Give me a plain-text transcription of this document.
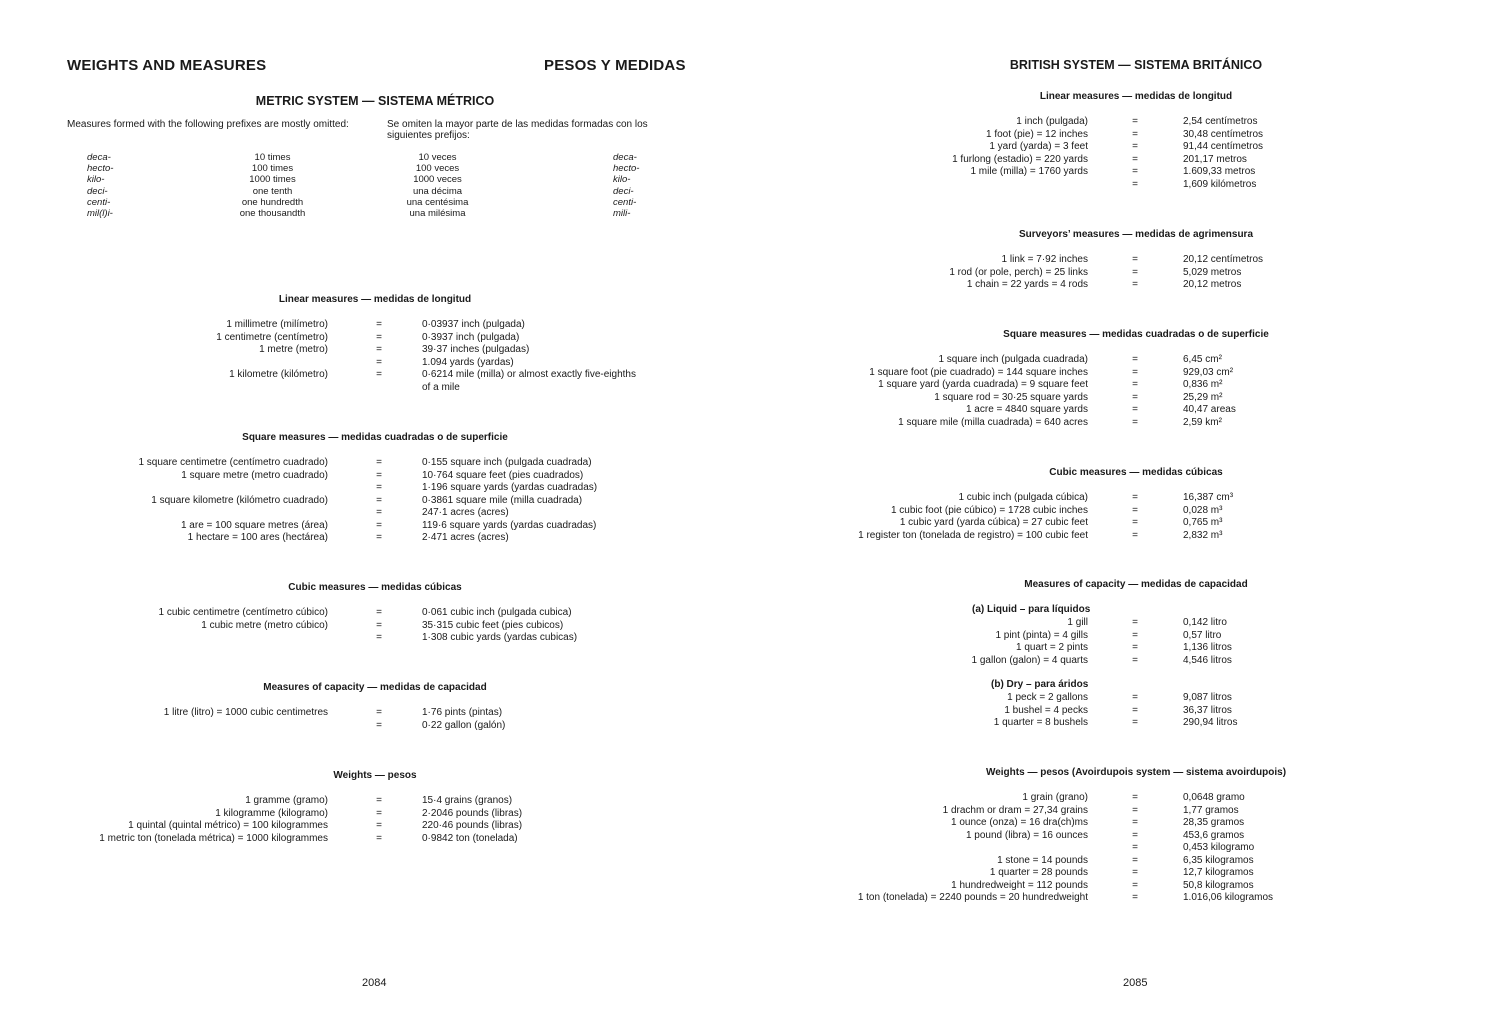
WEIGHTS AND MEASURES	PESOS Y MEDIDAS
METRIC SYSTEM — SISTEMA MÉTRICO
Measures formed with the following prefixes are mostly omitted:	Se omiten la mayor parte de las medidas formadas con los
siguientes prefijos:
deca-	10 times	10 veces	deca-
hecto-	100 times	100 veces	hecto-
kilo-	1000 times	1000 veces	kilo-
deci-	one tenth	una décima	deci-
centi-	one hundredth	una centésima	centi-
mil(l)i-	one thousandth	una milésima	mili-
Linear measures — medidas de longitud
1 millimetre (milímetro)	=	0·03937 inch (pulgada)
1 centimetre (centímetro)	=	0·3937 inch (pulgada)
1 metre (metro)	=	39·37 inches (pulgadas)
=	1.094 yards (yardas)
1 kilometre (kilómetro)	=	0·6214 mile (milla) or almost exactly five-eighths
of a mile
Square measures — medidas cuadradas o de superficie
1 square centimetre (centímetro cuadrado)	=	0·155 square inch (pulgada cuadrada)
1 square metre (metro cuadrado)	=	10·764 square feet (pies cuadrados)
=	1·196 square yards (yardas cuadradas)
1 square kilometre (kilómetro cuadrado)	=	0·3861 square mile (milla cuadrada)
=	247·1 acres (acres)
1 are = 100 square metres (área)	=	119·6 square yards (yardas cuadradas)
1 hectare = 100 ares (hectárea)	=	2·471 acres (acres)
Cubic measures — medidas cúbicas
1 cubic centimetre (centímetro cúbico)	=	0·061 cubic inch (pulgada cubica)
1 cubic metre (metro cúbico)	=	35·315 cubic feet (pies cubicos)
=	1·308 cubic yards (yardas cubicas)
Measures of capacity — medidas de capacidad
1 litre (litro) = 1000 cubic centimetres	=	1·76 pints (pintas)
=	0·22 gallon (galón)
Weights — pesos
1 gramme (gramo)	=	15·4 grains (granos)
1 kilogramme (kilogramo)	=	2·2046 pounds (libras)
1 quintal (quintal métrico) = 100 kilogrammes	=	220·46 pounds (libras)
1 metric ton (tonelada métrica) = 1000 kilogrammes	=	0·9842 ton (tonelada)
2084
BRITISH SYSTEM — SISTEMA BRITÁNICO
Linear measures — medidas de longitud
1 inch (pulgada)	=	2,54 centímetros
1 foot (pie) = 12 inches	=	30,48 centímetros
1 yard (yarda) = 3 feet	=	91,44 centímetros
1 furlong (estadio) = 220 yards	=	201,17 metros
1 mile (milla) = 1760 yards	=	1.609,33 metros
=	1,609 kilómetros
Surveyors’ measures — medidas de agrimensura
1 link = 7·92 inches	=	20,12 centímetros
1 rod (or pole, perch) = 25 links	=	5,029 metros
1 chain = 22 yards = 4 rods	=	20,12 metros
Square measures — medidas cuadradas o de superficie
1 square inch (pulgada cuadrada)	=	6,45 cm²
1 square foot (pie cuadrado) = 144 square inches	=	929,03 cm²
1 square yard (yarda cuadrada) = 9 square feet	=	0,836 m²
1 square rod = 30·25 square yards	=	25,29 m²
1 acre = 4840 square yards	=	40,47 areas
1 square mile (milla cuadrada) = 640 acres	=	2,59 km²
Cubic measures — medidas cúbicas
1 cubic inch (pulgada cúbica)	=	16,387 cm³
1 cubic foot (pie cúbico) = 1728 cubic inches	=	0,028 m³
1 cubic yard (yarda cúbica) = 27 cubic feet	=	0,765 m³
1 register ton (tonelada de registro) = 100 cubic feet	=	2,832 m³
Measures of capacity — medidas de capacidad
(a) Liquid – para líquidos
1 gill	=	0,142 litro
1 pint (pinta) = 4 gills	=	0,57 litro
1 quart = 2 pints	=	1,136 litros
1 gallon (galon) = 4 quarts	=	4,546 litros
(b) Dry – para áridos
1 peck = 2 gallons	=	9,087 litros
1 bushel = 4 pecks	=	36,37 litros
1 quarter = 8 bushels	=	290,94 litros
Weights — pesos (Avoirdupois system — sistema avoirdupois)
1 grain (grano)	=	0,0648 gramo
1 drachm or dram = 27,34 grains	=	1,77 gramos
1 ounce (onza) = 16 dra(ch)ms	=	28,35 gramos
1 pound (libra) = 16 ounces	=	453,6 gramos
=	0,453 kilogramo
1 stone = 14 pounds	=	6,35 kilogramos
1 quarter = 28 pounds	=	12,7 kilogramos
1 hundredweight = 112 pounds	=	50,8 kilogramos
1 ton (tonelada) = 2240 pounds = 20 hundredweight	=	1.016,06 kilogramos
2085
